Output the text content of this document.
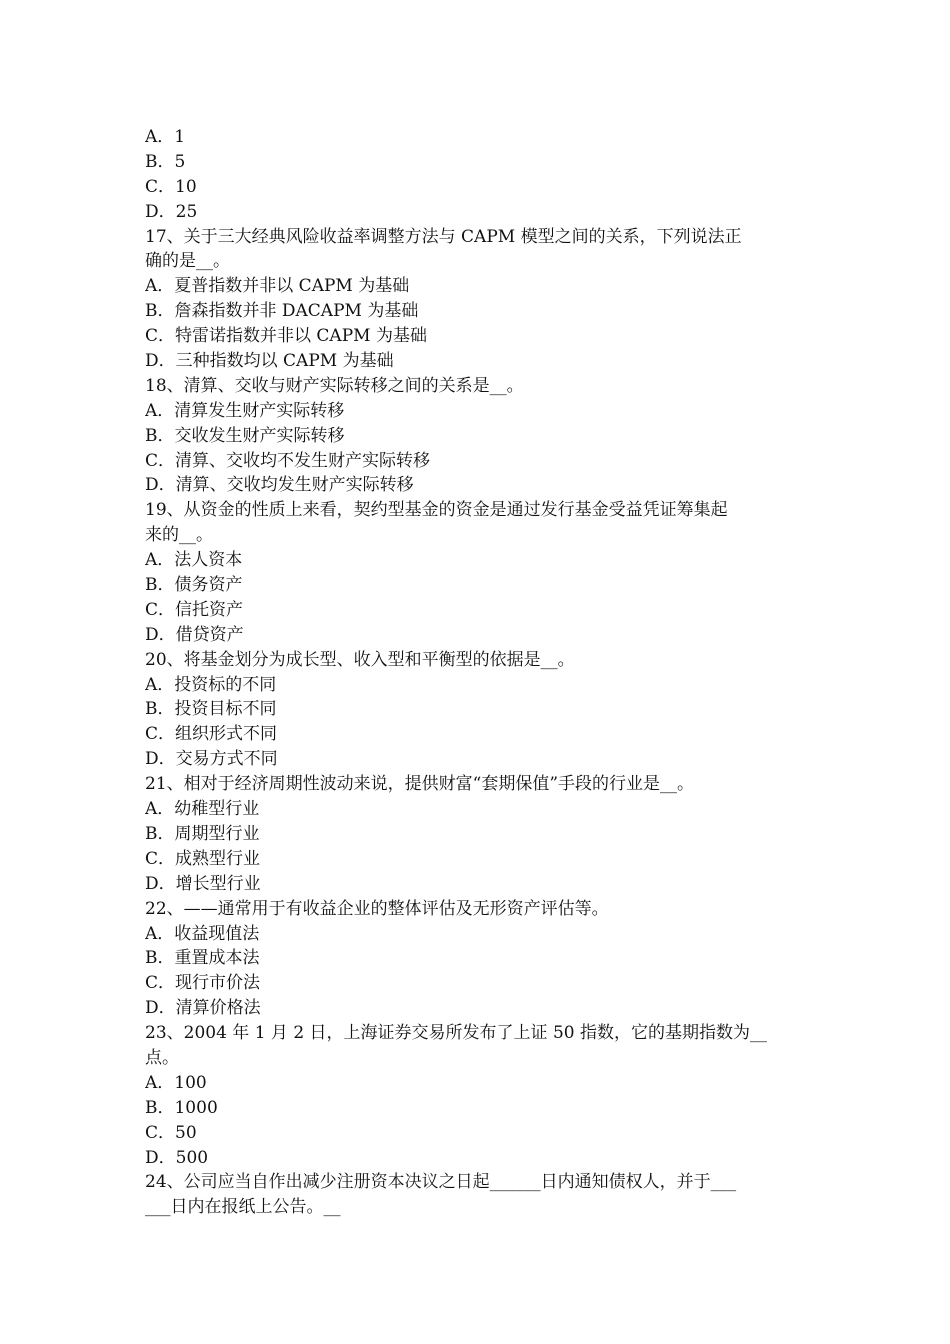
A．1
B．5
C．10
D．25
17、关于三大经典风险收益率调整方法与 CAPM 模型之间的关系，下列说法正
确的是__。
A．夏普指数并非以 CAPM 为基础
B．詹森指数并非 DACAPM 为基础
C．特雷诺指数并非以 CAPM 为基础
D．三种指数均以 CAPM 为基础
18、清算、交收与财产实际转移之间的关系是__。
A．清算发生财产实际转移
B．交收发生财产实际转移
C．清算、交收均不发生财产实际转移
D．清算、交收均发生财产实际转移
19、从资金的性质上来看，契约型基金的资金是通过发行基金受益凭证筹集起
来的__。
A．法人资本
B．债务资产
C．信托资产
D．借贷资产
20、将基金划分为成长型、收入型和平衡型的依据是__。
A．投资标的不同
B．投资目标不同
C．组织形式不同
D．交易方式不同
21、相对于经济周期性波动来说，提供财富“套期保值”手段的行业是__。
A．幼稚型行业
B．周期型行业
C．成熟型行业
D．增长型行业
22、——通常用于有收益企业的整体评估及无形资产评估等。
A．收益现值法
B．重置成本法
C．现行市价法
D．清算价格法
23、2004 年 1 月 2 日，上海证券交易所发布了上证 50 指数，它的基期指数为__
点。
A．100
B．1000
C．50
D．500
24、公司应当自作出减少注册资本决议之日起______日内通知债权人，并于___
___日内在报纸上公告。__
